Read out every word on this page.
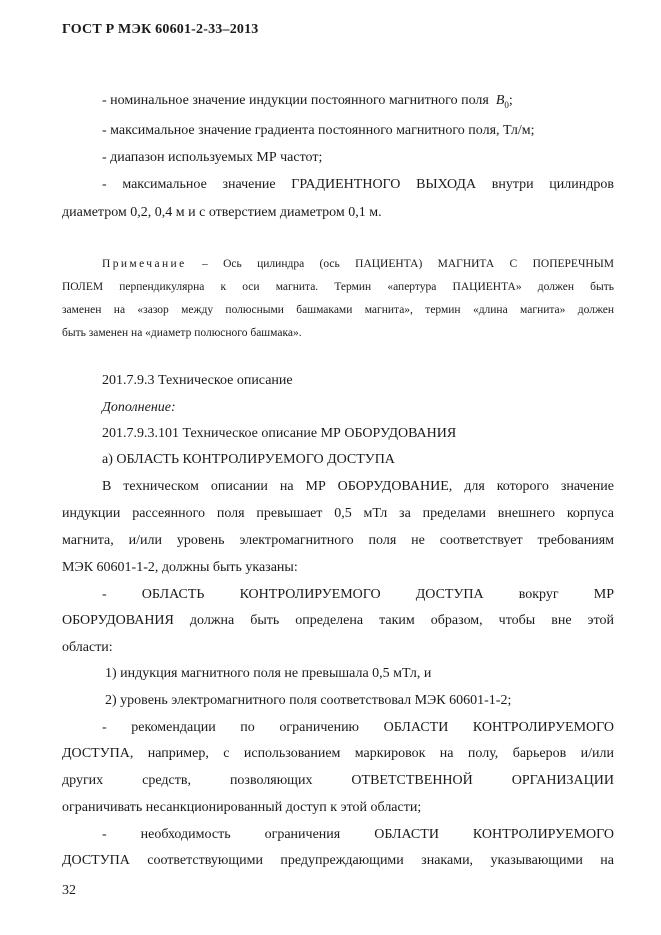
ГОСТ Р МЭК 60601-2-33–2013
- номинальное значение индукции постоянного магнитного поля $B_0$;
- максимальное значение градиента постоянного магнитного поля, Тл/м;
- диапазон используемых МР частот;
- максимальное значение ГРАДИЕНТНОГО ВЫХОДА внутри цилиндров
диаметром 0,2, 0,4 м и с отверстием диаметром 0,1 м.
Примечание – Ось цилиндра (ось ПАЦИЕНТА) МАГНИТА С ПОПЕРЕЧНЫМ
ПОЛЕМ перпендикулярна к оси магнита. Термин «апертура ПАЦИЕНТА» должен быть
заменен на «зазор между полюсными башмаками магнита», термин «длина магнита» должен
быть заменен на «диаметр полюсного башмака».
201.7.9.3 Техническое описание
Дополнение:
201.7.9.3.101 Техническое описание МР ОБОРУДОВАНИЯ
а) ОБЛАСТЬ КОНТРОЛИРУЕМОГО ДОСТУПА
В техническом описании на МР ОБОРУДОВАНИЕ, для которого значение
индукции рассеянного поля превышает 0,5 мТл за пределами внешнего корпуса
магнита, и/или уровень электромагнитного поля не соответствует требованиям
МЭК 60601-1-2, должны быть указаны:
- ОБЛАСТЬ КОНТРОЛИРУЕМОГО ДОСТУПА вокруг МР
ОБОРУДОВАНИЯ должна быть определена таким образом, чтобы вне этой
области:
1) индукция магнитного поля не превышала 0,5 мТл, и
2) уровень электромагнитного поля соответствовал МЭК 60601-1-2;
- рекомендации по ограничению ОБЛАСТИ КОНТРОЛИРУЕМОГО
ДОСТУПА, например, с использованием маркировок на полу, барьеров и/или
других средств, позволяющих ОТВЕТСТВЕННОЙ ОРГАНИЗАЦИИ
ограничивать несанкционированный доступ к этой области;
- необходимость ограничения ОБЛАСТИ КОНТРОЛИРУЕМОГО
ДОСТУПА соответствующими предупреждающими знаками, указывающими на
32
